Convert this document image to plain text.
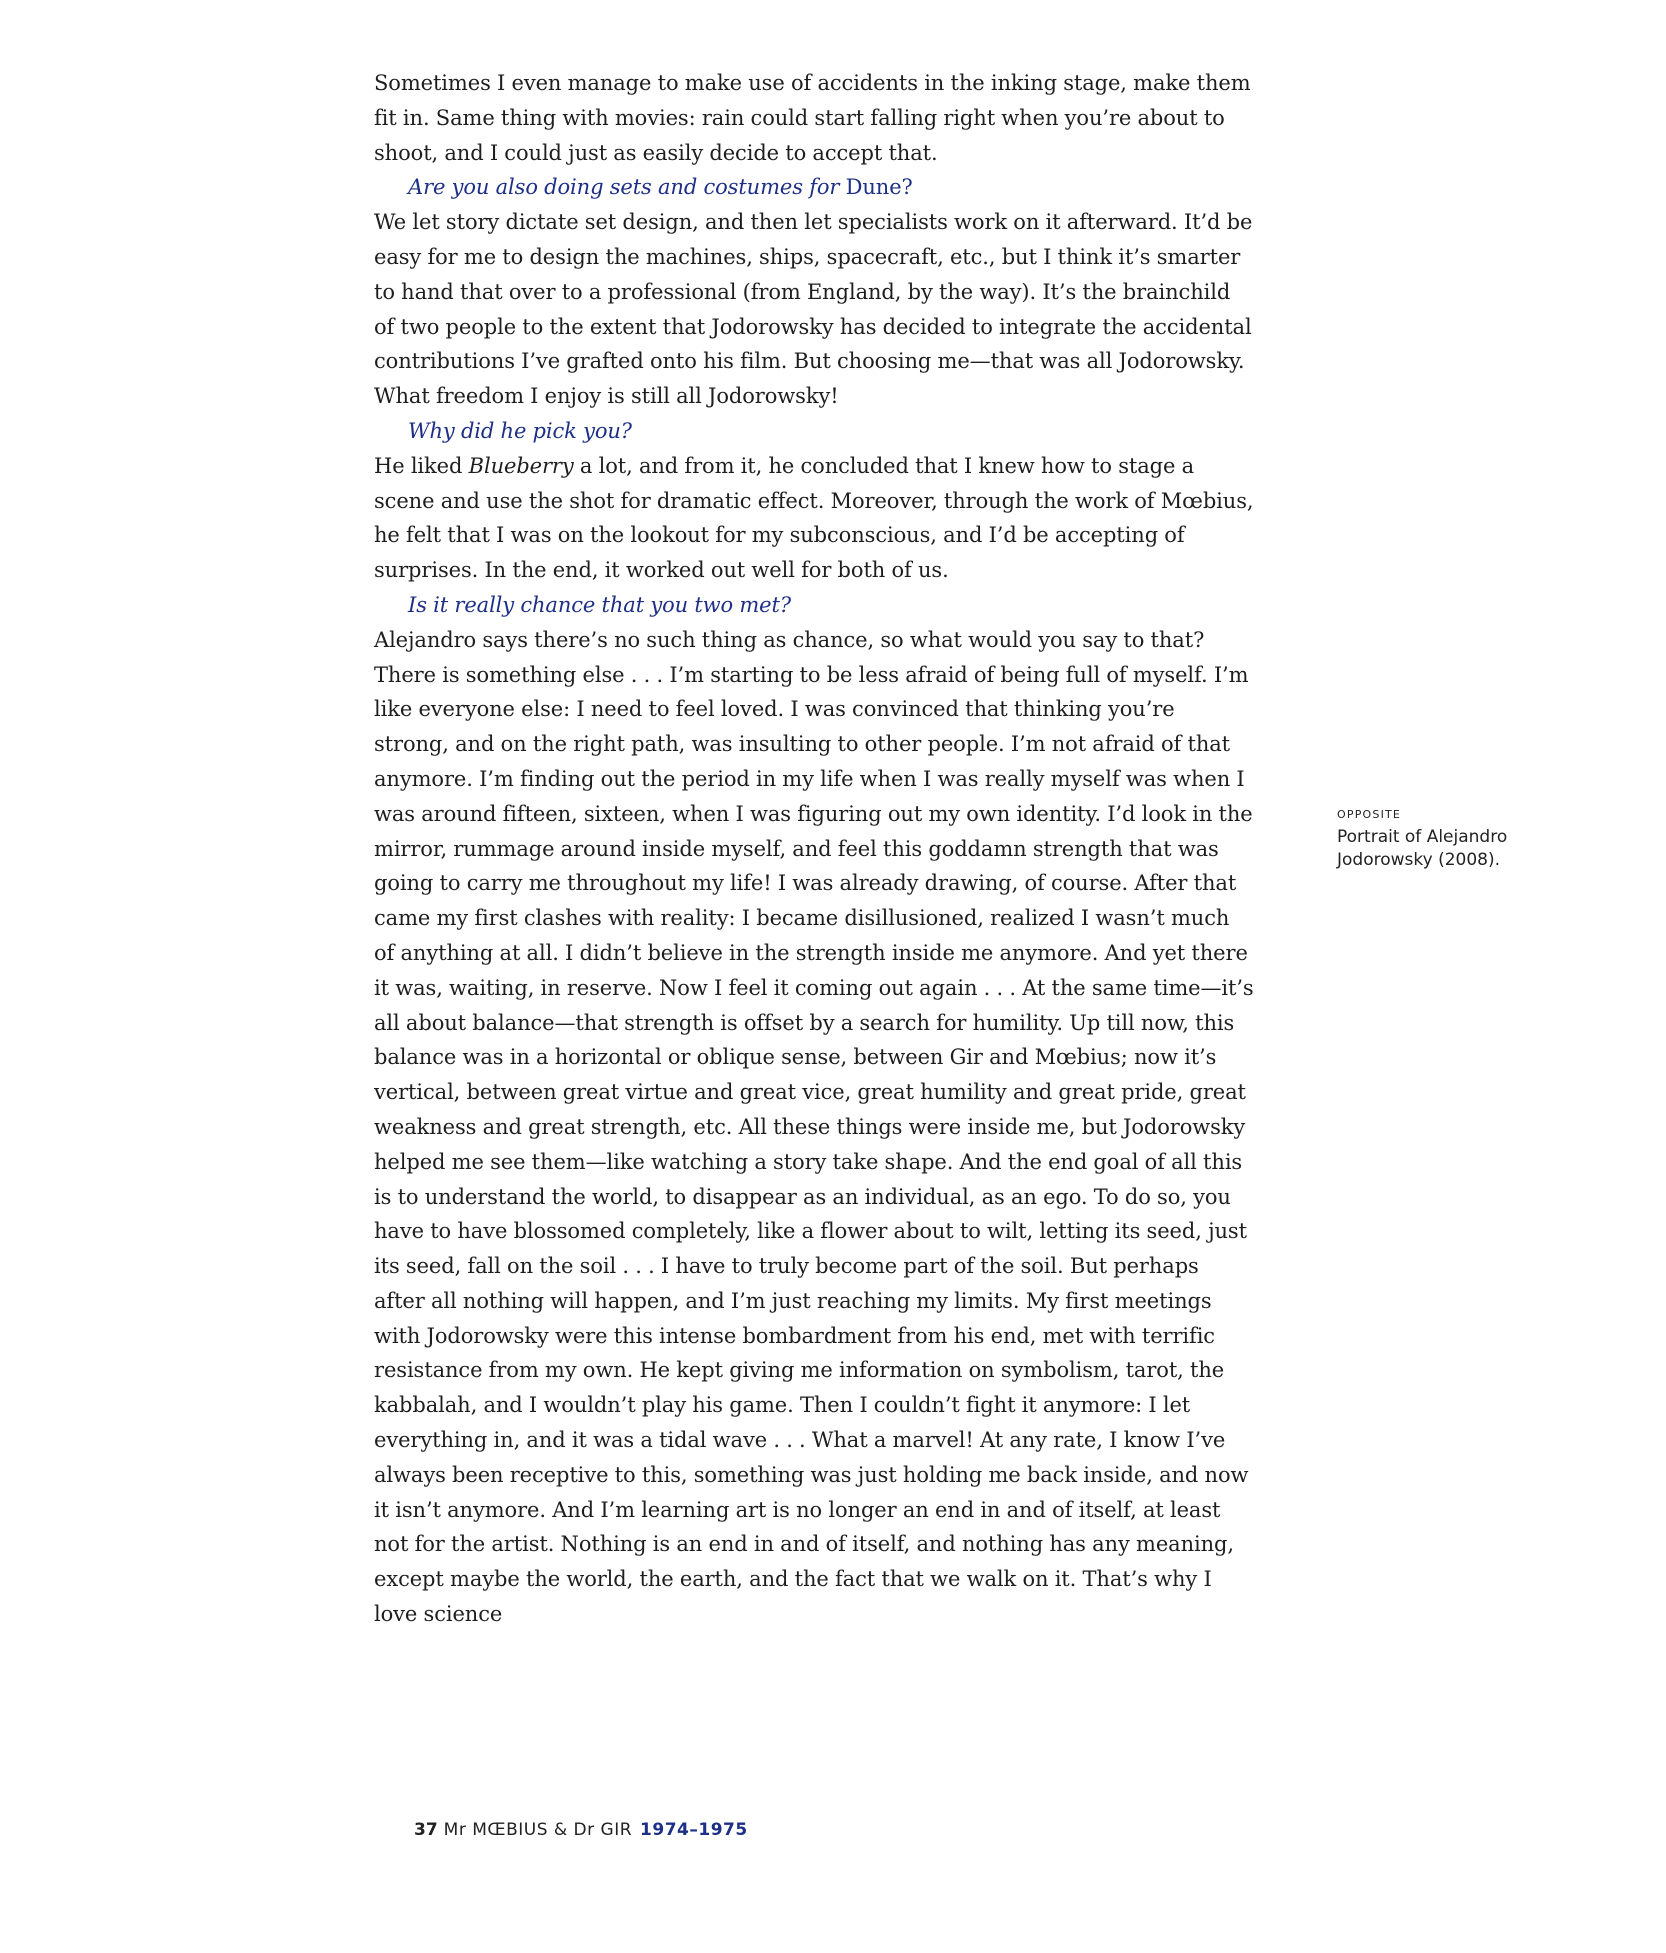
Sometimes I even manage to make use of accidents in the inking stage, make them fit in. Same thing with movies: rain could start falling right when you’re about to shoot, and I could just as easily decide to accept that.

Are you also doing sets and costumes for Dune?

We let story dictate set design, and then let specialists work on it afterward. It’d be easy for me to design the machines, ships, spacecraft, etc., but I think it’s smarter to hand that over to a professional (from England, by the way). It’s the brainchild of two people to the extent that Jodorowsky has decided to integrate the accidental contributions I’ve grafted onto his film. But choosing me—that was all Jodorowsky. What freedom I enjoy is still all Jodorowsky!

Why did he pick you?

He liked Blueberry a lot, and from it, he concluded that I knew how to stage a scene and use the shot for dramatic effect. Moreover, through the work of Mœbius, he felt that I was on the lookout for my subconscious, and I’d be accepting of surprises. In the end, it worked out well for both of us.

Is it really chance that you two met?

Alejandro says there’s no such thing as chance, so what would you say to that? There is something else . . . I’m starting to be less afraid of being full of myself. I’m like everyone else: I need to feel loved. I was convinced that thinking you’re strong, and on the right path, was insulting to other people. I’m not afraid of that anymore. I’m finding out the period in my life when I was really myself was when I was around fifteen, sixteen, when I was figuring out my own identity. I’d look in the mirror, rummage around inside myself, and feel this goddamn strength that was going to carry me throughout my life! I was already drawing, of course. After that came my first clashes with reality: I became disillusioned, realized I wasn’t much of anything at all. I didn’t believe in the strength inside me anymore. And yet there it was, waiting, in reserve. Now I feel it coming out again . . . At the same time—it’s all about balance—that strength is offset by a search for humility. Up till now, this balance was in a horizontal or oblique sense, between Gir and Mœbius; now it’s vertical, between great virtue and great vice, great humility and great pride, great weakness and great strength, etc. All these things were inside me, but Jodorowsky helped me see them—like watching a story take shape. And the end goal of all this is to understand the world, to disappear as an individual, as an ego. To do so, you have to have blossomed completely, like a flower about to wilt, letting its seed, just its seed, fall on the soil . . . I have to truly become part of the soil. But perhaps after all nothing will happen, and I’m just reaching my limits. My first meetings with Jodorowsky were this intense bombardment from his end, met with terrific resistance from my own. He kept giving me information on symbolism, tarot, the kabbalah, and I wouldn’t play his game. Then I couldn’t fight it anymore: I let everything in, and it was a tidal wave . . . What a marvel! At any rate, I know I’ve always been receptive to this, something was just holding me back inside, and now it isn’t anymore. And I’m learning art is no longer an end in and of itself, at least not for the artist. Nothing is an end in and of itself, and nothing has any meaning, except maybe the world, the earth, and the fact that we walk on it. That’s why I love science

OPPOSITE
Portrait of Alejandro Jodorowsky (2008).
37 Mr MŒBIUS & Dr GIR 1974–1975
